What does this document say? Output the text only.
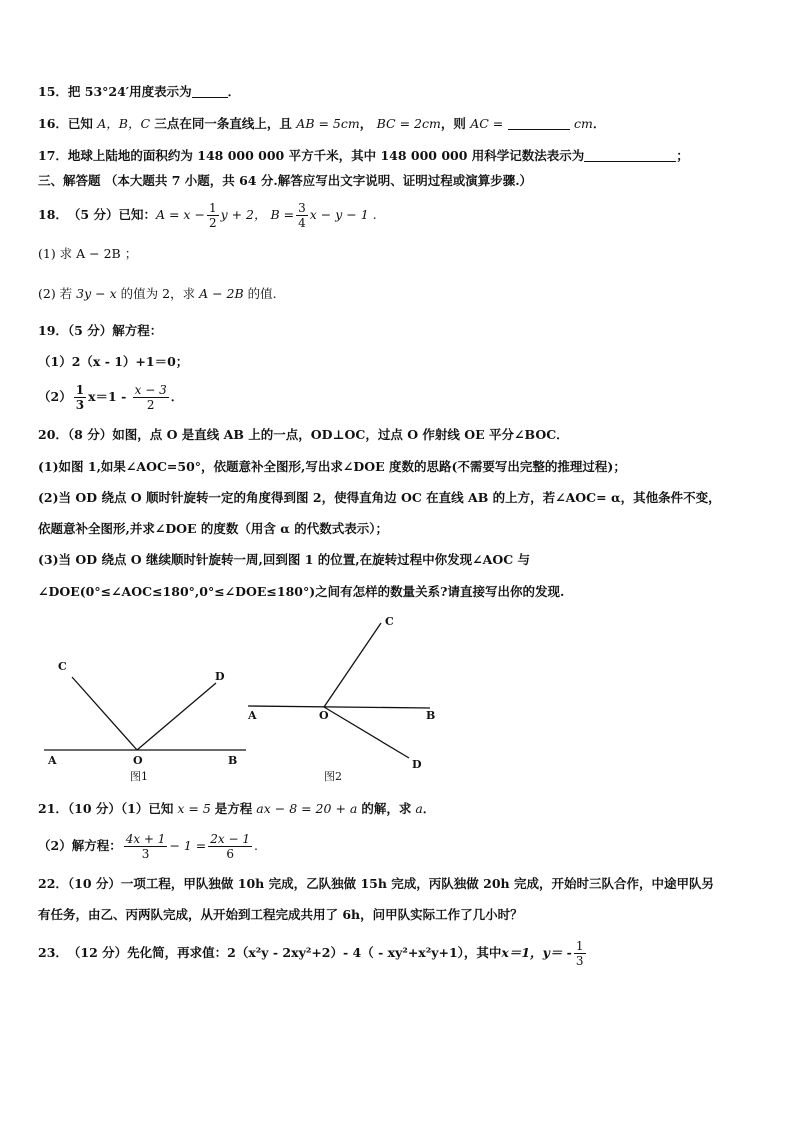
15．把 53°24′用度表示为	．
16．已知 A，B，C 三点在同一条直线上，且 AB = 5cm， BC = 2cm，则 AC =	cm．
17．地球上陆地的面积约为 148 000 000 平方千米，其中 148 000 000 用科学记数法表示为	；
三、解答题 （本大题共 7 小题，共 64 分.解答应写出文字说明、证明过程或演算步骤.）
18． （5 分） 已知： $A = x - \frac{1}{2}$ y + 2，
$B = \frac{3}{4}$ x − y − 1 .
(1) 求 A − 2B ；
(2) 若 3y − x 的值为 2，求 A − 2B 的值.
19．（5 分）解方程：
（1）2（x - 1）+1＝0；
$(2) \frac{1}{3} x=1$ -
$\frac{x - 3}{2}$ ．
20．（8 分）如图，点 O 是直线 AB 上的一点，OD⊥OC，过点 O 作射线 OE 平分∠BOC．
(1)如图 1,如果∠AOC=50°，依题意补全图形,写出求∠DOE 度数的思路(不需要写出完整的推理过程)；
(2)当 OD 绕点 O 顺时针旋转一定的角度得到图 2，使得直角边 OC 在直线 AB 的上方，若∠AOC= α，其他条件不变，
依题意补全图形,并求∠DOE 的度数（用含 α 的代数式表示）；
(3)当 OD 绕点 O 继续顺时针旋转一周,回到图 1 的位置,在旋转过程中你发现∠AOC 与
∠DOE(0°≤∠AOC≤180°,0°≤∠DOE≤180°)之间有怎样的数量关系?请直接写出你的发现.
C
D
A	O	B
图1
C
A	O	B
D
图2
21．（10 分）（1）已知 x = 5 是方程 ax − 8 = 20 + a 的解，求 a．
（2）解方程： $\frac{4x + 1}{3} - 1 = \frac{2x - 1}{6}$ .
22．（10 分）一项工程，甲队独做 10h 完成，乙队独做 15h 完成，丙队独做 20h 完成，开始时三队合作，中途甲队另
有任务，由乙、丙两队完成，从开始到工程完成共用了 6h，问甲队实际工作了几小时？
23． （12 分） 先化简，再求值：2（x²y - 2xy²+2）- 4（ - xy²+x²y+1），其中 x＝1， $y= - \frac{1}{3}$
